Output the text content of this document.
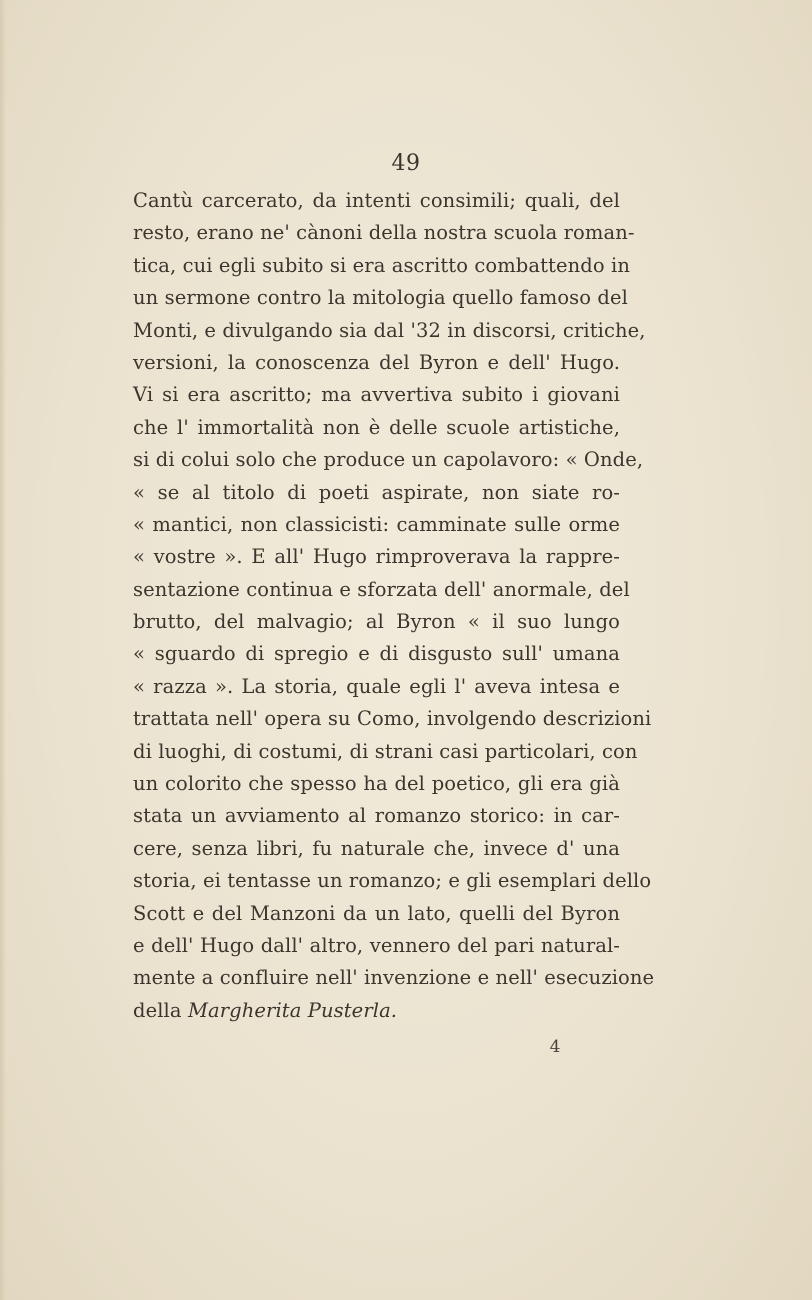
49
Cantù carcerato, da intenti consimili; quali, del
resto, erano ne' cànoni della nostra scuola roman-
tica, cui egli subito si era ascritto combattendo in
un sermone contro la mitologia quello famoso del
Monti, e divulgando sia dal '32 in discorsi, critiche,
versioni, la conoscenza del Byron e dell' Hugo.
Vi si era ascritto; ma avvertiva subito i giovani
che l' immortalità non è delle scuole artistiche,
si di colui solo che produce un capolavoro: « Onde,
« se al titolo di poeti aspirate, non siate ro-
« mantici, non classicisti: camminate sulle orme
« vostre ». E all' Hugo rimproverava la rappre-
sentazione continua e sforzata dell' anormale, del
brutto, del malvagio; al Byron « il suo lungo
« sguardo di spregio e di disgusto sull' umana
« razza ». La storia, quale egli l' aveva intesa e
trattata nell' opera su Como, involgendo descrizioni
di luoghi, di costumi, di strani casi particolari, con
un colorito che spesso ha del poetico, gli era già
stata un avviamento al romanzo storico: in car-
cere, senza libri, fu naturale che, invece d' una
storia, ei tentasse un romanzo; e gli esemplari dello
Scott e del Manzoni da un lato, quelli del Byron
e dell' Hugo dall' altro, vennero del pari natural-
mente a confluire nell' invenzione e nell' esecuzione
della Margherita Pusterla.
4
